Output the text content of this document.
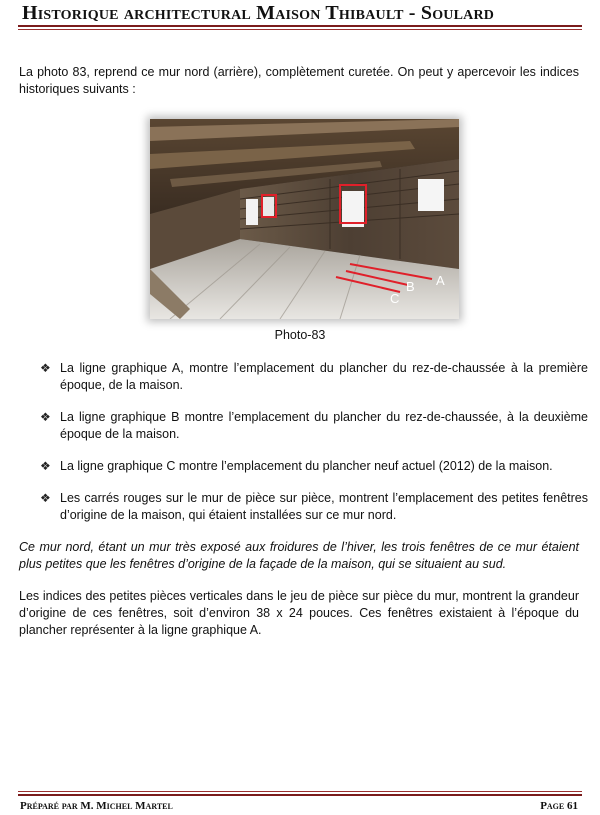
Historique architectural Maison Thibault - Soulard
La photo 83, reprend ce mur nord (arrière), complètement curetée. On peut y apercevoir les indices historiques suivants :
A
B
C
Photo-83
❖ La ligne graphique A, montre l’emplacement du plancher du rez-de-chaussée à la première époque, de la maison.
❖ La ligne graphique B montre l’emplacement du plancher du rez-de-chaussée, à la deuxième époque de la maison.
❖ La ligne graphique C montre l’emplacement du plancher neuf actuel (2012) de la maison.
❖ Les carrés rouges sur le mur de pièce sur pièce, montrent l’emplacement des petites fenêtres d’origine de la maison, qui étaient installées sur ce mur nord.
Ce mur nord, étant un mur très exposé aux froidures de l’hiver, les trois fenêtres de ce mur étaient plus petites que les fenêtres d’origine de la façade de la maison, qui se situaient au sud.
Les indices des petites pièces verticales dans le jeu de pièce sur pièce du mur, montrent la grandeur d’origine de ces fenêtres, soit d’environ 38 x 24 pouces. Ces fenêtres existaient à l’époque du plancher représenter à la ligne graphique A.
Préparé par M. Michel Martel	Page 61
